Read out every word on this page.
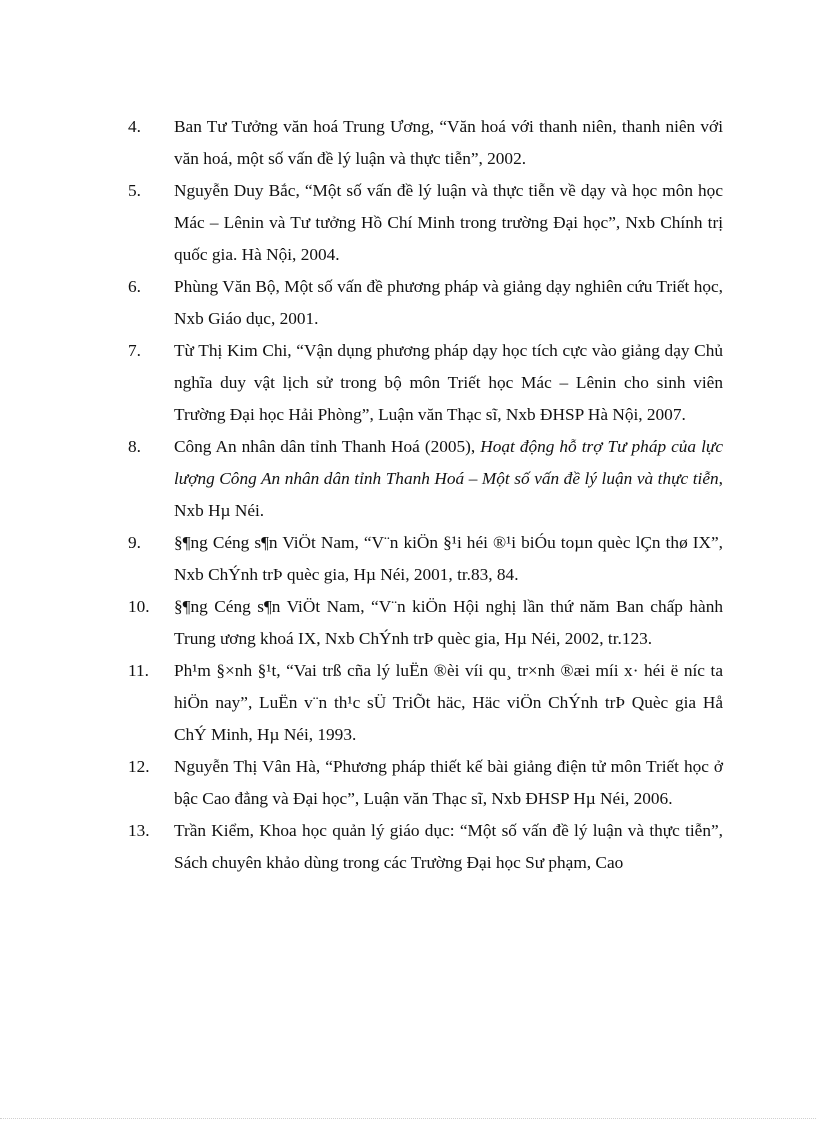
4.	Ban Tư Tưởng văn hoá Trung Ương, “Văn hoá với thanh niên, thanh niên với văn hoá, một số vấn đề lý luận và thực tiễn”, 2002.
5.	Nguyễn Duy Bắc, “Một số vấn đề lý luận và thực tiễn về dạy và học môn học Mác – Lênin và Tư tưởng Hồ Chí Minh trong trường Đại học”, Nxb Chính trị quốc gia. Hà Nội, 2004.
6.	Phùng Văn Bộ, Một số vấn đề phương pháp và giảng dạy nghiên cứu Triết học, Nxb Giáo dục, 2001.
7.	Từ Thị Kim Chi, “Vận dụng phương pháp dạy học tích cực vào giảng dạy Chủ nghĩa duy vật lịch sử trong bộ môn Triết học Mác – Lênin cho sinh viên Trường Đại học Hải Phòng”, Luận văn Thạc sĩ, Nxb ĐHSP Hà Nội, 2007.
8.	Công An nhân dân tỉnh Thanh Hoá (2005), Hoạt động hỗ trợ Tư pháp của lực lượng Công An nhân dân tỉnh Thanh Hoá – Một số vấn đề lý luận và thực tiễn, Nxb Hµ Néi.
9.	§¶ng Céng s¶n ViÖt Nam, “V¨n kiÖn §¹i héi ®¹i biÓu toµn quèc lÇn thø IX”, Nxb ChÝnh trÞ quèc gia, Hµ Néi, 2001, tr.83, 84.
10.	§¶ng Céng s¶n ViÖt Nam, “V¨n kiÖn Hội nghị lần thứ năm Ban chấp hành Trung ương khoá IX, Nxb ChÝnh trÞ quèc gia, Hµ Néi, 2002, tr.123.
11.	Ph¹m §×nh §¹t, “Vai trß cña lý luËn ®èi víi qu¸ tr×nh ®æi míi x· héi ë níc ta hiÖn nay”, LuËn v¨n th¹c sÜ TriÕt häc, Häc viÖn ChÝnh trÞ Quèc gia Hå ChÝ Minh, Hµ Néi, 1993.
12.	Nguyễn Thị Vân Hà, “Phương pháp thiết kế bài giảng điện tử môn Triết học ở bậc Cao đẳng và Đại học”, Luận văn Thạc sĩ, Nxb ĐHSP Hµ Néi, 2006.
13.	Trần Kiểm, Khoa học quản lý giáo dục: “Một số vấn đề lý luận và thực tiễn”, Sách chuyên khảo dùng trong các Trường Đại học Sư phạm, Cao
